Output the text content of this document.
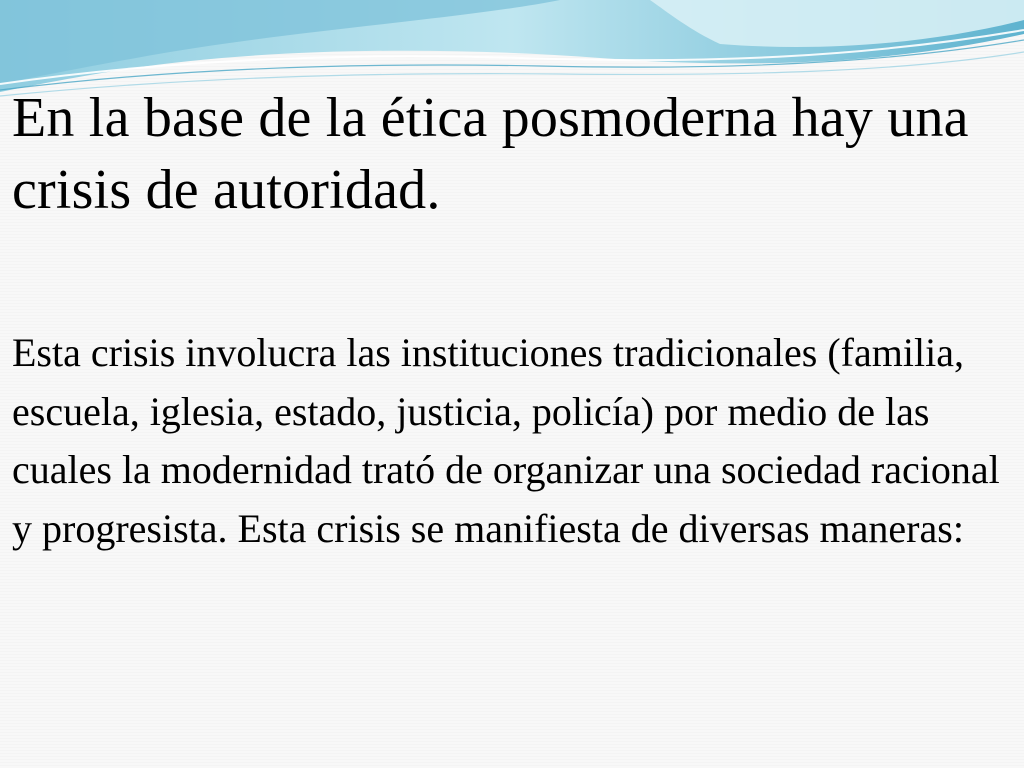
En la base de la ética posmoderna hay una crisis de autoridad.

Esta crisis involucra las instituciones tradicionales (familia, escuela, iglesia, estado, justicia, policía) por medio de las cuales la modernidad trató de organizar una sociedad racional y progresista. Esta crisis se manifiesta de diversas maneras:
